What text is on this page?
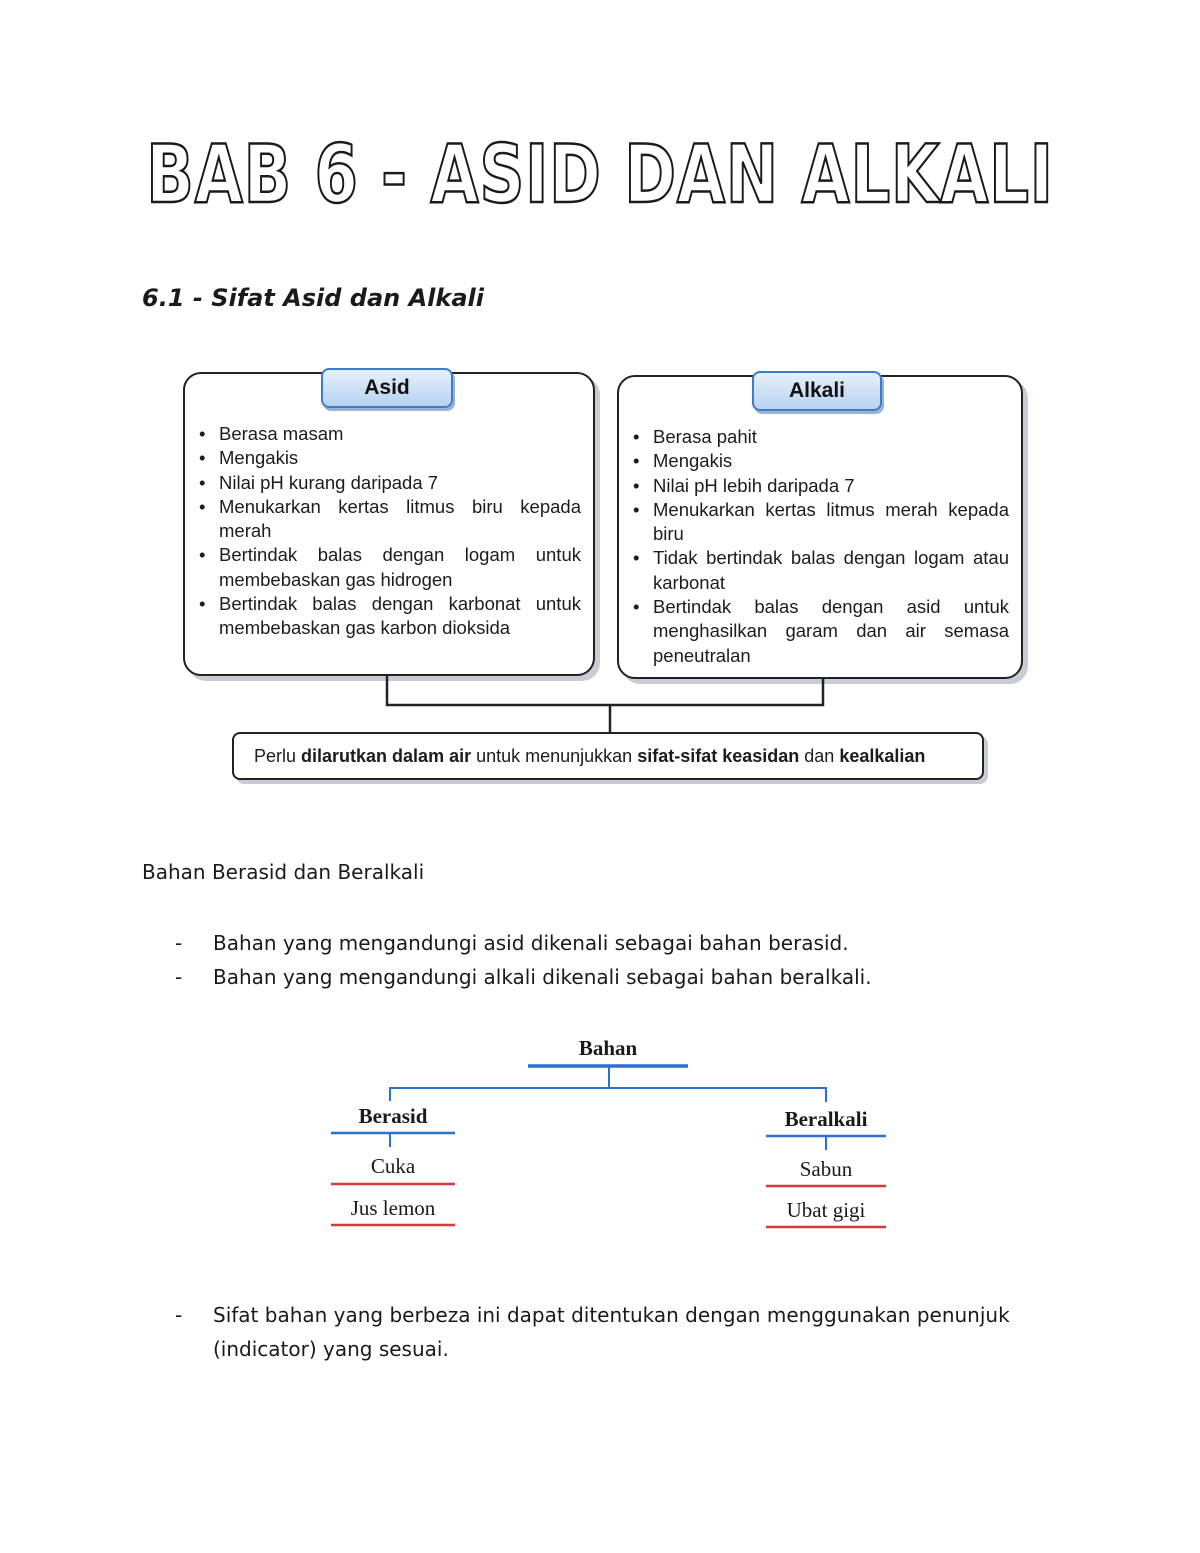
BAB 6 - ASID DAN ALKALI
6.1 - Sifat Asid dan Alkali
Asid
• Berasa masam
• Mengakis
• Nilai pH kurang daripada 7
• Menukarkan kertas litmus biru kepada merah
• Bertindak balas dengan logam untuk membebaskan gas hidrogen
• Bertindak balas dengan karbonat untuk membebaskan gas karbon dioksida
Alkali
• Berasa pahit
• Mengakis
• Nilai pH lebih daripada 7
• Menukarkan kertas litmus merah kepada biru
• Tidak bertindak balas dengan logam atau karbonat
• Bertindak balas dengan asid untuk menghasilkan garam dan air semasa peneutralan
Perlu dilarutkan dalam air untuk menunjukkan sifat-sifat keasidan dan kealkalian
Bahan Berasid dan Beralkali
- Bahan yang mengandungi asid dikenali sebagai bahan berasid.
- Bahan yang mengandungi alkali dikenali sebagai bahan beralkali.
Bahan
Berasid
Cuka
Jus lemon
Beralkali
Sabun
Ubat gigi
- Sifat bahan yang berbeza ini dapat ditentukan dengan menggunakan penunjuk (indicator) yang sesuai.
